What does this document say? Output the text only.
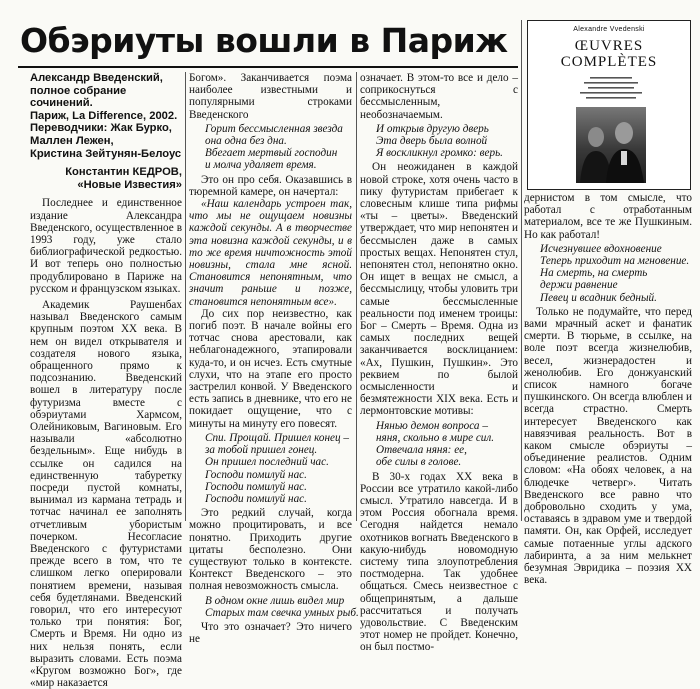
Обэриуты вошли в Париж
Александр Введенский,
полное собрание сочинений.
Париж, La Difference, 2002.
Переводчики: Жак Бурко,
Маллен Лежен,
Кристина Зейтунян-Белоус
Константин КЕДРОВ,
«Новые Известия»

Последнее и единственное издание Александра Введенского, осуществленное в 1993 году, уже стало библиографической редкостью. И вот теперь оно полностью продублировано в Париже на русском и французском языках.

Академик Раушенбах называл Введенского самым крупным поэтом ХХ века. В нем он видел открывателя и создателя нового языка, обращенного прямо к подсознанию. Введенский вошел в литературу после футуризма вместе с обэриутами Хармсом, Олейниковым, Вагиновым. Его называли «абсолютно бездельным». Еще нибудь в ссылке он садился на единственную табуретку посреди пустой комнаты, вынимал из кармана тетрадь и тотчас начинал ее заполнять отчетливым убористым почерком. Несогласие Введенского с футуристами прежде всего в том, что те слишком легко оперировали понятием времени, называя себя будетлянами. Введенский говорил, что его интересуют только три понятия: Бог, Смерть и Время. Ни одно из них нельзя понять, если выразить словами. Есть поэма «Кругом возможно Бог», где «мир наказается

Богом». Заканчивается поэма наиболее известными и популярными строками Введенского

Горит бессмысленная звезда
она одна без дна.
Вбегает мертвый господин
и молча удаляет время.

Это он про себя. Оказавшись в тюремной камере, он начертал:

«Наш календарь устроен так, что мы не ощущаем новизны каждой секунды. А в творчестве эта новизна каждой секунды, и в то же время ничтожность этой новизны, стала мне ясной. Становится непонятным, что значит раньше и позже, становится непонятным все».

До сих пор неизвестно, как погиб поэт. В начале войны его тотчас снова арестовали, как неблагонадежного, этапировали куда-то, и он исчез. Есть смутные слухи, что на этапе его просто застрелил конвой. У Введенского есть запись в дневнике, что его не покидает ощущение, что с минуты на минуту его повесят.

Спи. Прощай. Пришел конец –
за тобой пришел гонец.
Он пришел последний час.
Господи помилуй нас.
Господи помилуй нас.
Господи помилуй нас.

Это редкий случай, когда можно процитировать, и все понятно. Приходить другие цитаты бесполезно. Они существуют только в контексте. Контекст Введенского – это полная невозможность смысла.

В одном окне лишь видел мир
Старых там свечка умных рыб.

Что это означает? Это ничего не

означает. В этом-то все и дело – соприкоснуться с бессмысленным, необозначаемым.

И открыв другую дверь
Эта дверь была волной
Я воскликнул громко: верь.

Он неожиданен в каждой новой строке, хотя очень часто в пику футуристам прибегает к словесным клише типа рифмы «ты – цветы». Введенский утверждает, что мир непонятен и бессмыслен даже в самых простых вещах. Непонятен стул, непонятен стол, непонятно окно. Он ищет в вещах не смысл, а бессмыслицу, чтобы уловить три самые бессмысленные реальности под именем троицы: Бог – Смерть – Время. Одна из самых последних вещей заканчивается восклицанием: «Ах, Пушкин, Пушкин». Это реквием по былой осмысленности и безмятежности XIX века. Есть и лермонтовские мотивы:

Нянью демон вопроса –
няня, скольно в мире сил.
Отвечала няня: ее,
обе силы в голове.

В 30-х годах ХХ века в России все утратило какой-либо смысл. Утратило навсегда. И в этом Россия обогнала время. Сегодня найдется немало охотников вогнать Введенского в какую-нибудь новомодную систему типа злоупотребления постмодерна. Так удобнее общаться. Смесь неизвестное с общепринятым, а дальше рассчитаться и получать удовольствие. С Введенским этот номер не пройдет. Конечно, он был постмо-

Alexandre Vvedenski
ŒUVRES
COMPLÈTES

дернистом в том смысле, что работал с отработанным материалом, все те же Пушкиным. Но как работал!

Исчезнувшее вдохновение
Теперь приходит на мгновение.
На смерть, на смерть
держи равнение
Певец и всадник бедный.

Только не подумайте, что перед вами мрачный аскет и фанатик смерти. В тюрьме, в ссылке, на воле поэт всегда жизнелюбив, весел, жизнерадостен и женолюбив. Его донжуанский список намного богаче пушкинского. Он всегда влюблен и всегда страстно. Смерть интересует Введенского как навязчивая реальность. Вот в каком смысле обэриуты – объединение реалистов. Одним словом: «На обоях человек, а на блюдечке четверг». Читать Введенского все равно что добровольно сходить у ума, оставаясь в здравом уме и твердой памяти. Он, как Орфей, исследует самые потаенные углы адского лабиринта, а за ним мелькнет безумная Эвридика – поэзия ХХ века.
